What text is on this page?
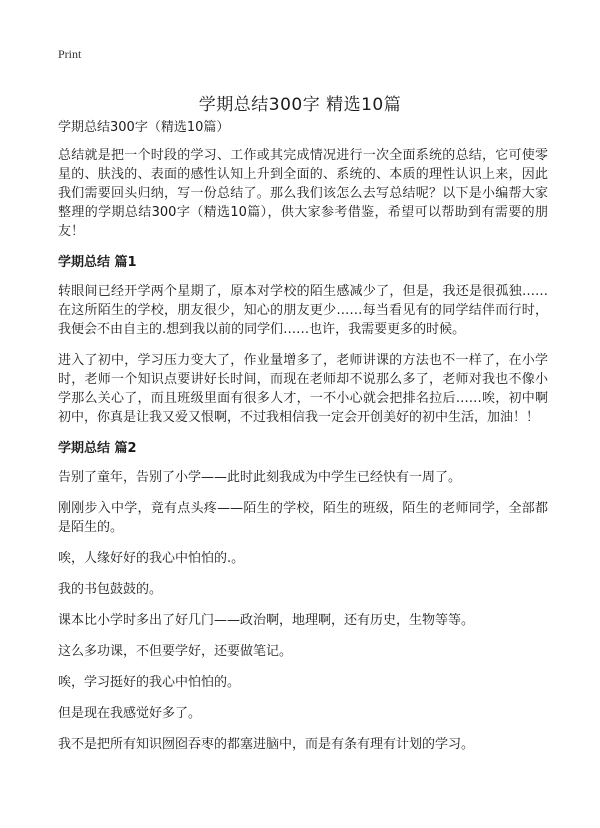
Print
学期总结300字 精选10篇
学期总结300字（精选10篇）

总结就是把一个时段的学习、工作或其完成情况进行一次全面系统的总结，它可使零星的、肤浅的、表面的感性认知上升到全面的、系统的、本质的理性认识上来，因此我们需要回头归纳，写一份总结了。那么我们该怎么去写总结呢？以下是小编帮大家整理的学期总结300字（精选10篇），供大家参考借鉴，希望可以帮助到有需要的朋友！

学期总结 篇1

转眼间已经开学两个星期了，原本对学校的陌生感减少了，但是，我还是很孤独……在这所陌生的学校，朋友很少，知心的朋友更少……每当看见有的同学结伴而行时，我便会不由自主的.想到我以前的同学们……也许，我需要更多的时候。

进入了初中，学习压力变大了，作业量增多了，老师讲课的方法也不一样了，在小学时，老师一个知识点要讲好长时间，而现在老师却不说那么多了，老师对我也不像小学那么关心了，而且班级里面有很多人才，一不小心就会把排名拉后……唉，初中啊初中，你真是让我又爱又恨啊，不过我相信我一定会开创美好的初中生活，加油！！

学期总结 篇2

告别了童年，告别了小学——此时此刻我成为中学生已经快有一周了。

刚刚步入中学，竟有点头疼——陌生的学校，陌生的班级，陌生的老师同学，全部都是陌生的。

唉，人缘好好的我心中怕怕的.。

我的书包鼓鼓的。

课本比小学时多出了好几门——政治啊，地理啊，还有历史，生物等等。

这么多功课，不但要学好，还要做笔记。

唉，学习挺好的我心中怕怕的。

但是现在我感觉好多了。

我不是把所有知识囫囵吞枣的都塞进脑中，而是有条有理有计划的学习。
